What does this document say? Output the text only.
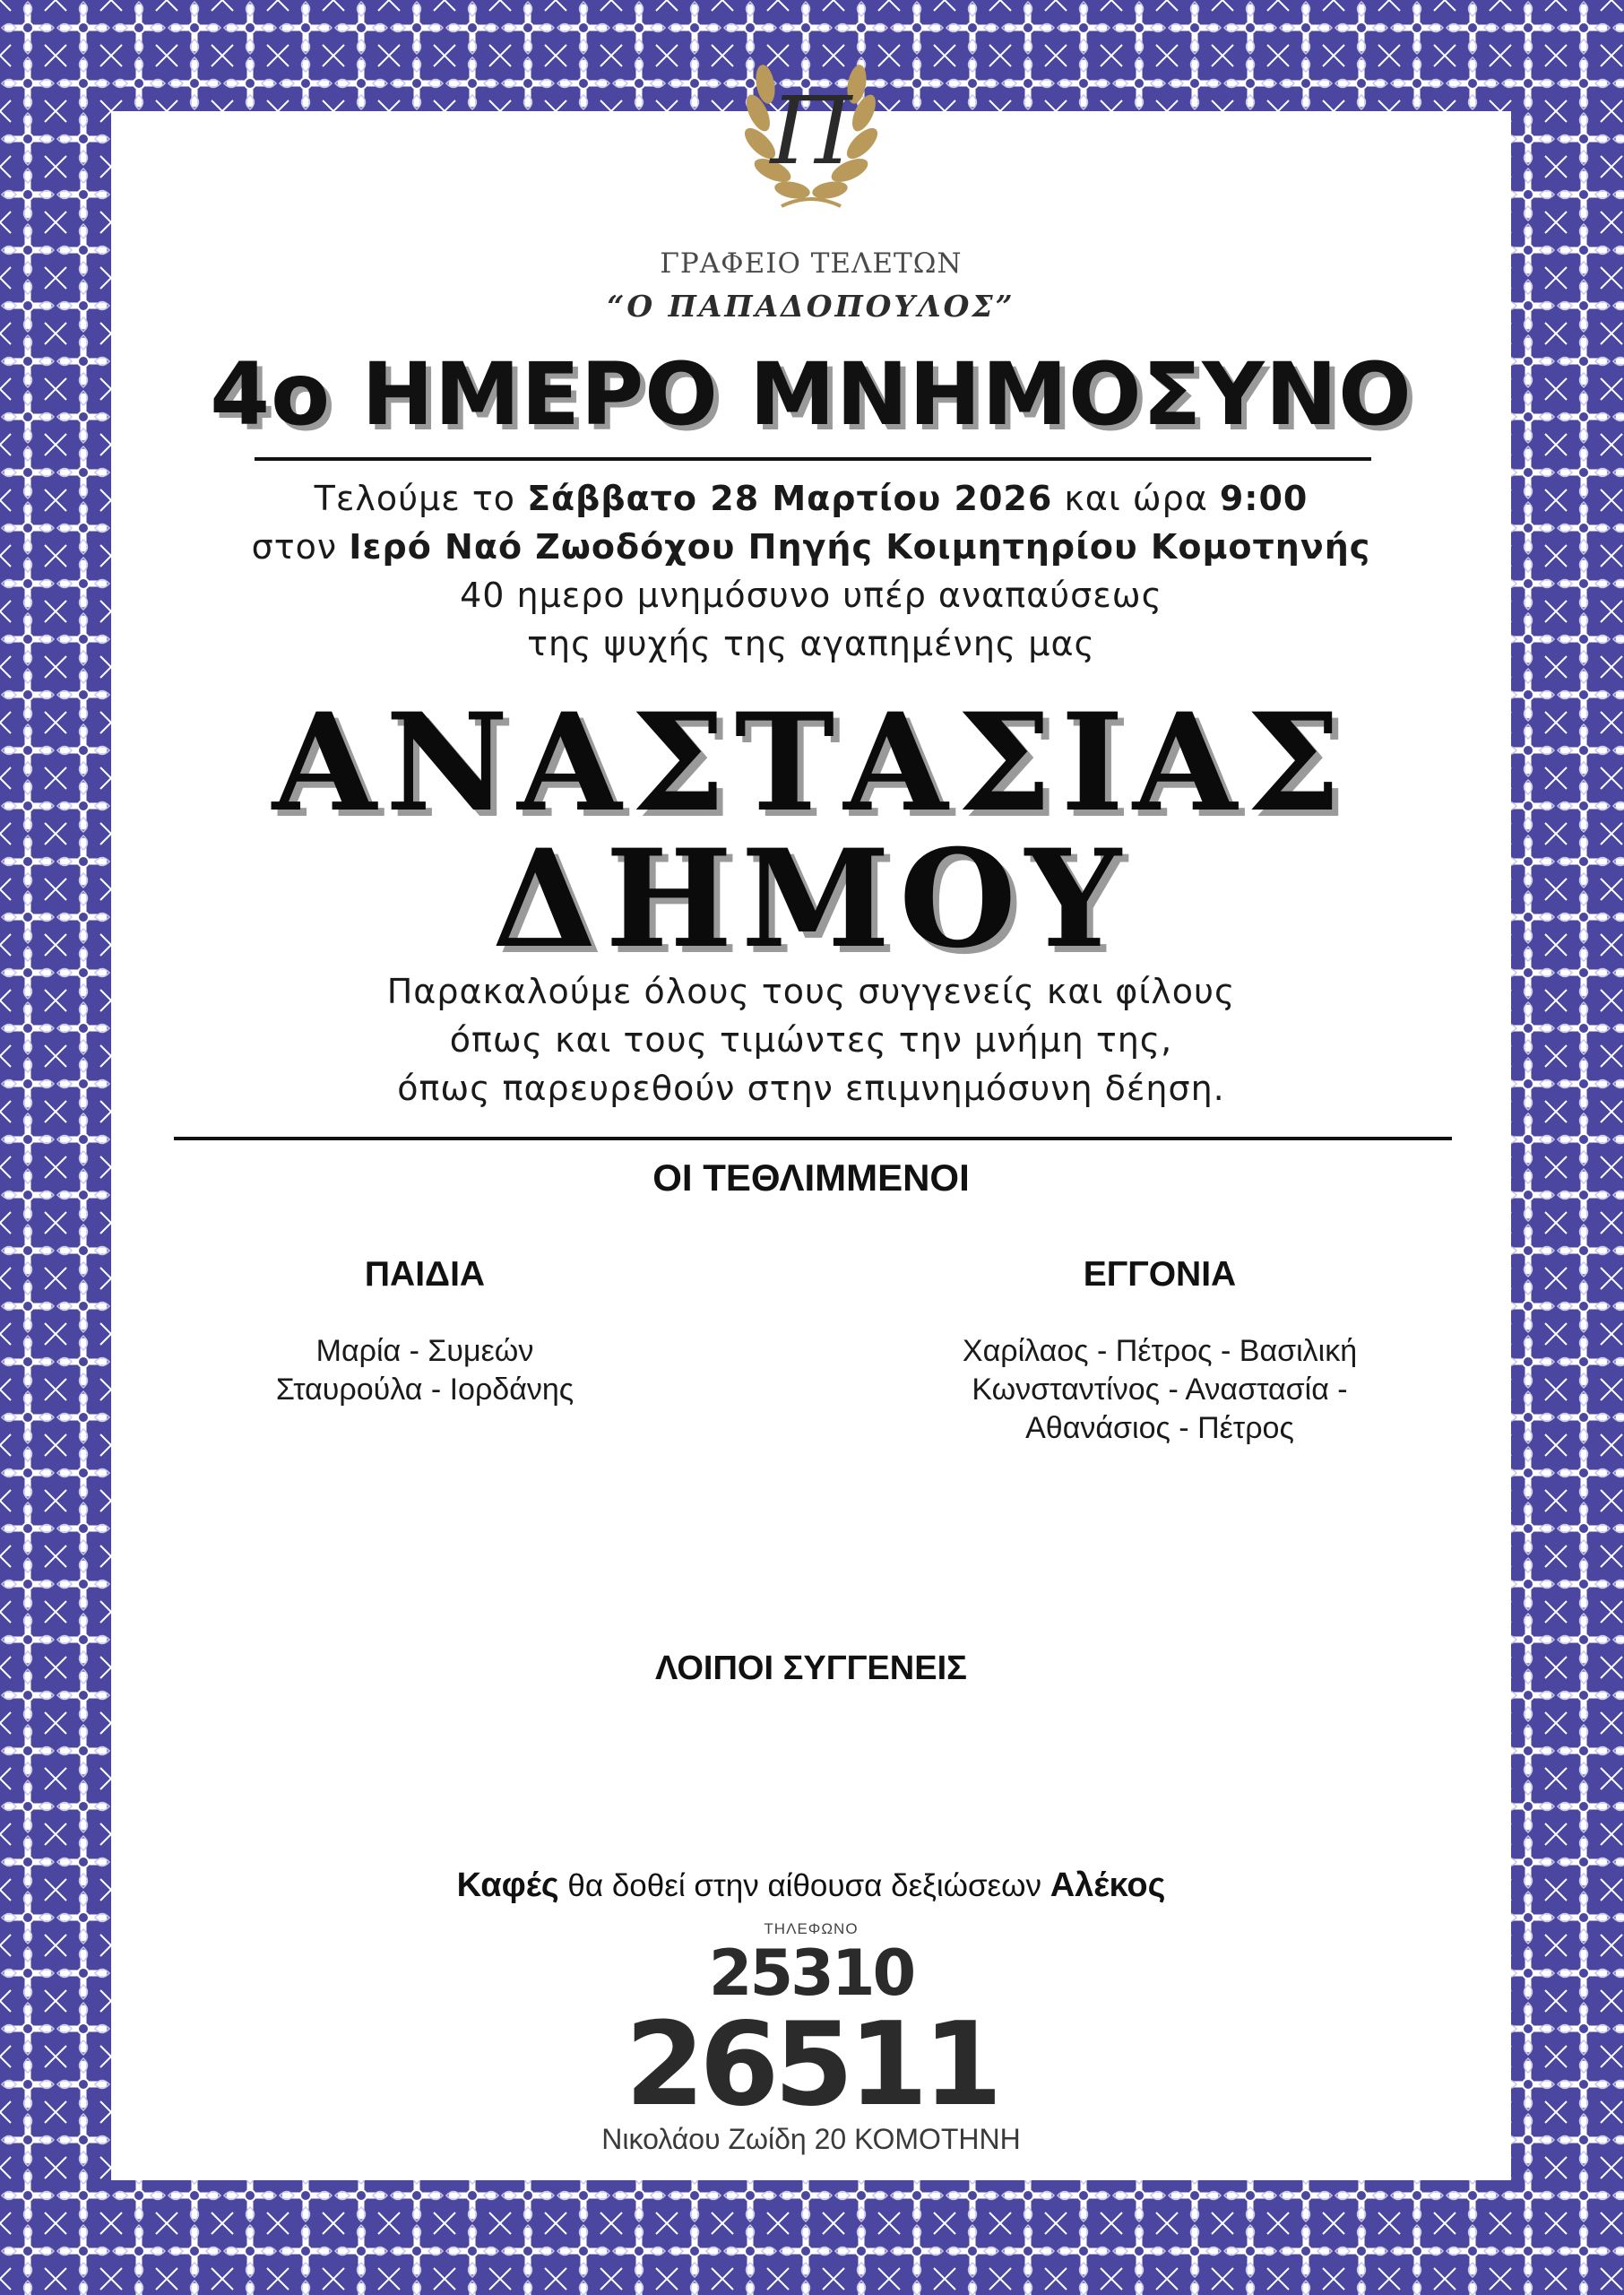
Π

ΓΡΑΦΕΙΟ ΤΕΛΕΤΩΝ

“Ο ΠΑΠΑΔΟΠΟΥΛΟΣ”

4ο ΗΜΕΡΟ ΜΝΗΜΟΣΥΝΟ

Τελούμε το Σάββατο 28 Μαρτίου 2026 και ώρα 9:00

στον Ιερό Ναό Ζωοδόχου Πηγής Κοιμητηρίου Κομοτηνής

40 ημερο μνημόσυνο υπέρ αναπαύσεως

της ψυχής της αγαπημένης μας

ΑΝΑΣΤΑΣΙΑΣ

ΔΗΜΟΥ

Παρακαλούμε όλους τους συγγενείς και φίλους

όπως και τους τιμώντες την μνήμη της,

όπως παρευρεθούν στην επιμνημόσυνη δέηση.

ΟΙ ΤΕΘΛΙΜΜΕΝΟΙ

ΠΑΙΔΙΑ
Μαρία - Συμεών
Σταυρούλα - Ιορδάνης
ΕΓΓΟΝΙΑ
Χαρίλαος - Πέτρος - Βασιλική
Κωνσταντίνος - Αναστασία -
Αθανάσιος - Πέτρος

ΛΟΙΠΟΙ ΣΥΓΓΕΝΕΙΣ

Καφές θα δοθεί στην αίθουσα δεξιώσεων Αλέκος

ΤΗΛΕΦΩΝΟ

25310

26511

Νικολάου Ζωίδη 20 ΚΟΜΟΤΗΝΗ
